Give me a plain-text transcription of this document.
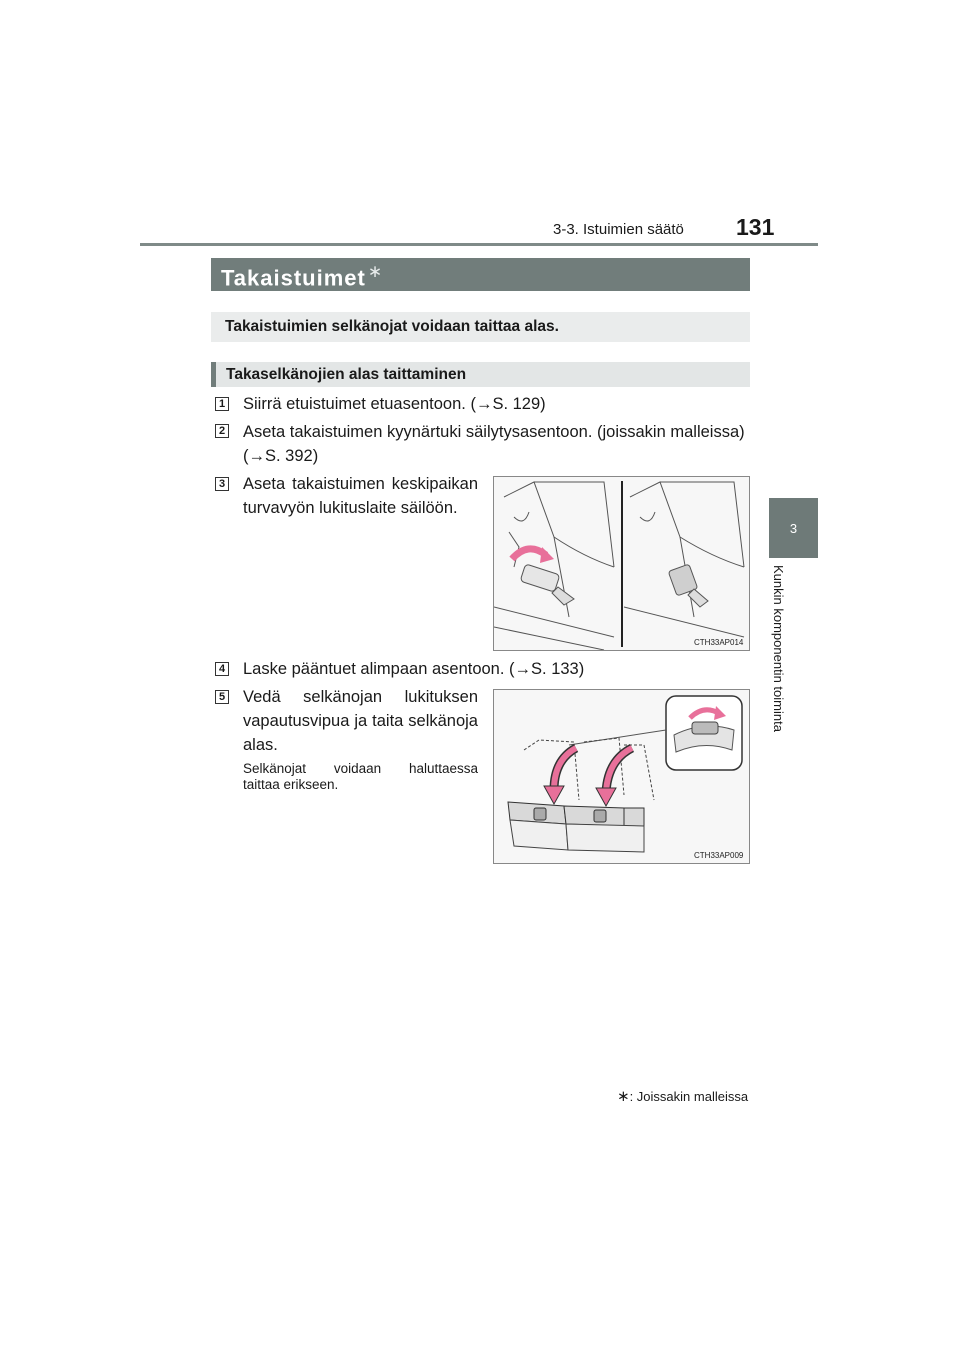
3-3. Istuimien säätö 131
3
Kunkin komponentin toiminta
Takaistuimet ∗
Takaistuimien selkänojat voidaan taittaa alas.
Takaselkänojien alas taittaminen
1 Siirrä etuistuimet etuasentoon. (→S. 129)
2 Aseta takaistuimen kyynärtuki säilytysasentoon. (joissakin malleissa)
(→S. 392)
3 Aseta takaistuimen keskipaikan
turvavyön lukituslaite säilöön.
CTH33AP014
4 Laske pääntuet alimpaan asentoon. (→S. 133)
5 Vedä selkänojan lukituksen
vapautusvipua ja taita selkänoja
alas.
Selkänojat voidaan haluttaessa
taittaa erikseen.
CTH33AP009
∗: Joissakin malleissa
